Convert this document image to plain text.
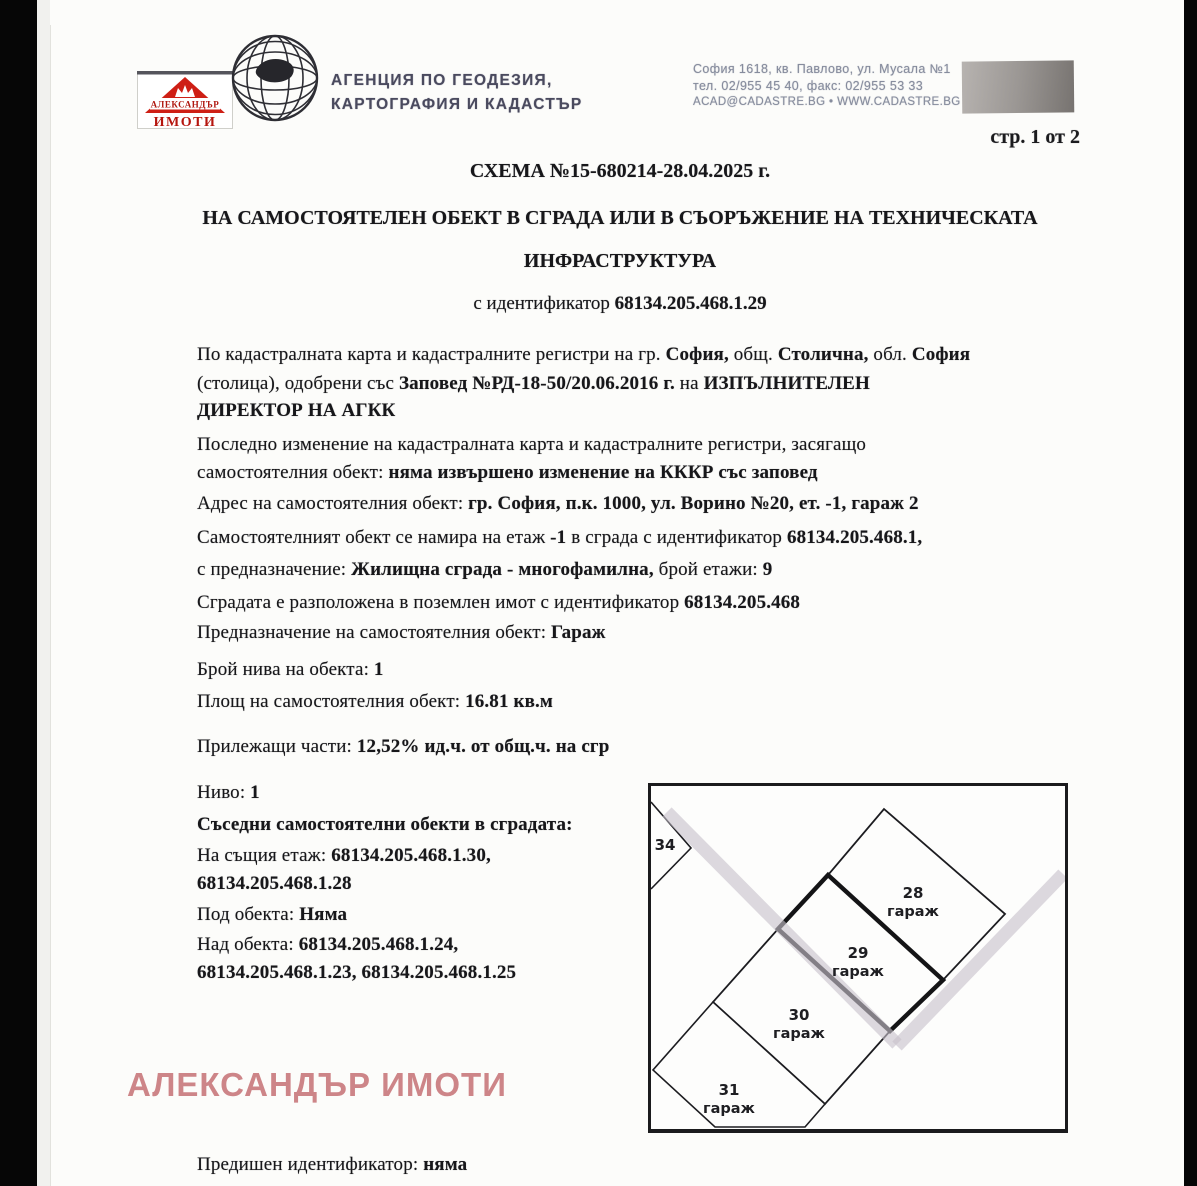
АЛЕКСАНДЪР
ИМОТИ
АГЕНЦИЯ ПО ГЕОДЕЗИЯ,
КАРТОГРАФИЯ И КАДАСТЪР
София 1618, кв. Павлово, ул. Мусала №1
тел. 02/955 45 40, факс: 02/955 53 33
ACAD@CADASTRE.BG • WWW.CADASTRE.BG
стр. 1 от 2
СХЕМА №15-680214-28.04.2025 г.
НА САМОСТОЯТЕЛЕН ОБЕКТ В СГРАДА ИЛИ В СЪОРЪЖЕНИЕ НА ТЕХНИЧЕСКАТА
ИНФРАСТРУКТУРА
с идентификатор 68134.205.468.1.29
По кадастралната карта и кадастралните регистри на гр. София, общ. Столична, обл. София
(столица), одобрени със Заповед №РД-18-50/20.06.2016 г. на ИЗПЪЛНИТЕЛЕН
ДИРЕКТОР НА АГКК
Последно изменение на кадастралната карта и кадастралните регистри, засягащо
самостоятелния обект: няма извършено изменение на КККР със заповед
Адрес на самостоятелния обект: гр. София, п.к. 1000, ул. Ворино №20, ет. -1, гараж 2
Самостоятелният обект се намира на етаж -1 в сграда с идентификатор 68134.205.468.1,
с предназначение: Жилищна сграда - многофамилна, брой етажи: 9
Сградата е разположена в поземлен имот с идентификатор 68134.205.468
Предназначение на самостоятелния обект: Гараж
Брой нива на обекта: 1
Площ на самостоятелния обект: 16.81 кв.м
Прилежащи части: 12,52% ид.ч. от общ.ч. на сгр
Ниво: 1
Съседни самостоятелни обекти в сградата:
На същия етаж: 68134.205.468.1.30,
68134.205.468.1.28
Под обекта: Няма
Над обекта: 68134.205.468.1.24,
68134.205.468.1.23, 68134.205.468.1.25
28
гараж
29
гараж
30
гараж
31
гараж
34
АЛЕКСАНДЪР ИМОТИ
Предишен идентификатор: няма
